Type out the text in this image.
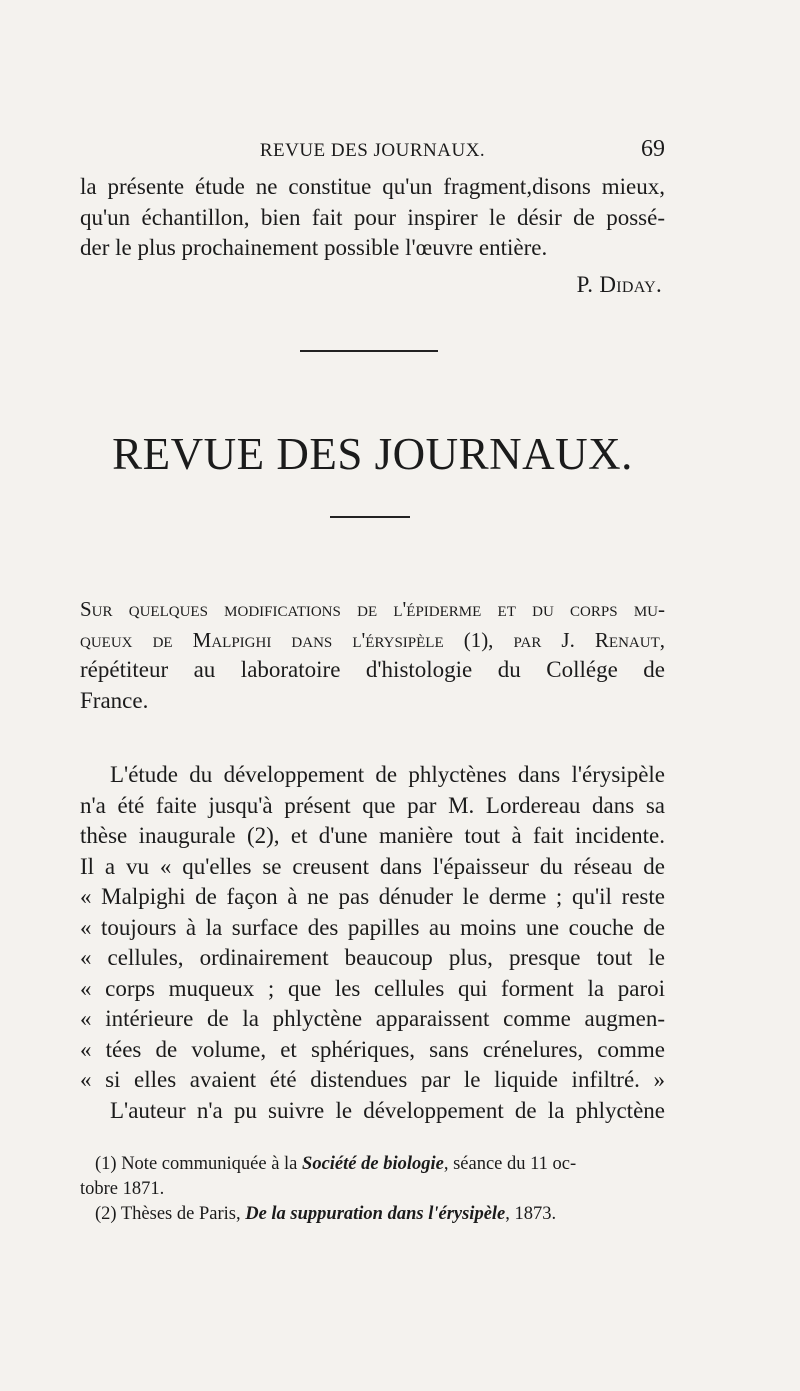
REVUE DES JOURNAUX.	69
la présente étude ne constitue qu'un fragment,disons mieux,
qu'un échantillon, bien fait pour inspirer le désir de possé-
der le plus prochainement possible l'œuvre entière.
P. Diday.
REVUE DES JOURNAUX.
Sur quelques modifications de l'épiderme et du corps mu-
queux de Malpighi dans l'érysipèle (1), par J. Renaut,
répétiteur au laboratoire d'histologie du Collége de
France.
L'étude du développement de phlyctènes dans l'érysipèle
n'a été faite jusqu'à présent que par M. Lordereau dans sa
thèse inaugurale (2), et d'une manière tout à fait incidente.
Il a vu « qu'elles se creusent dans l'épaisseur du réseau de
« Malpighi de façon à ne pas dénuder le derme ; qu'il reste
« toujours à la surface des papilles au moins une couche de
« cellules, ordinairement beaucoup plus, presque tout le
« corps muqueux ; que les cellules qui forment la paroi
« intérieure de la phlyctène apparaissent comme augmen-
« tées de volume, et sphériques, sans crénelures, comme
« si elles avaient été distendues par le liquide infiltré. »
L'auteur n'a pu suivre le développement de la phlyctène
(1) Note communiquée à la Société de biologie, séance du 11 oc-
tobre 1871.
(2) Thèses de Paris, De la suppuration dans l'érysipèle, 1873.
